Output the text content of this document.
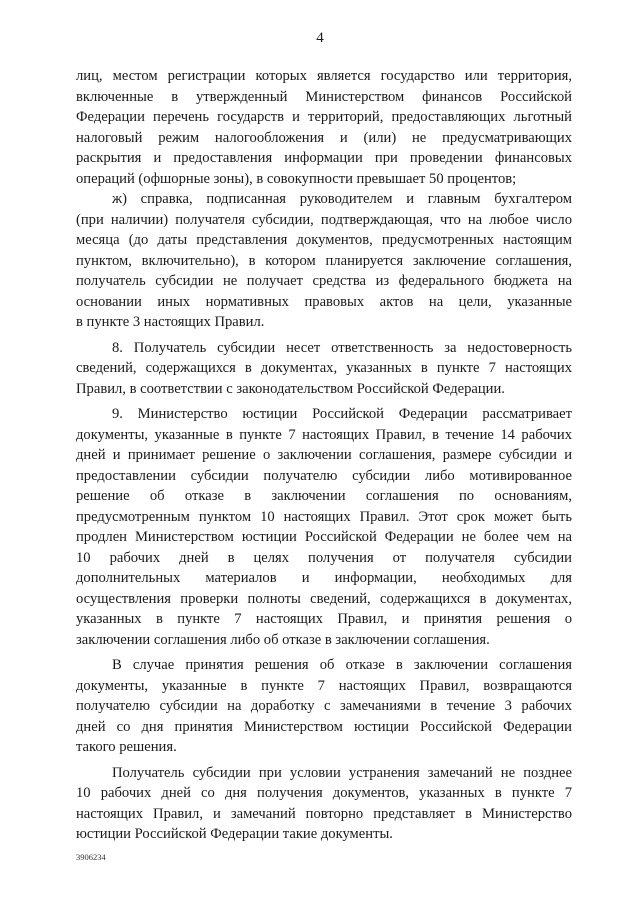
4
лиц, местом регистрации которых является государство или территория,
включенные в утвержденный Министерством финансов Российской
Федерации перечень государств и территорий, предоставляющих льготный
налоговый режим налогообложения и (или) не предусматривающих
раскрытия и предоставления информации при проведении финансовых
операций (офшорные зоны), в совокупности превышает 50 процентов;
ж) справка, подписанная руководителем и главным бухгалтером
(при наличии) получателя субсидии, подтверждающая, что на любое число
месяца (до даты представления документов, предусмотренных настоящим
пунктом, включительно), в котором планируется заключение соглашения,
получатель субсидии не получает средства из федерального бюджета на
основании иных нормативных правовых актов на цели, указанные
в пункте 3 настоящих Правил.
8. Получатель субсидии несет ответственность за недостоверность
сведений, содержащихся в документах, указанных в пункте 7 настоящих
Правил, в соответствии с законодательством Российской Федерации.
9. Министерство юстиции Российской Федерации рассматривает
документы, указанные в пункте 7 настоящих Правил, в течение 14 рабочих
дней и принимает решение о заключении соглашения, размере субсидии и
предоставлении субсидии получателю субсидии либо мотивированное
решение об отказе в заключении соглашения по основаниям,
предусмотренным пунктом 10 настоящих Правил. Этот срок может быть
продлен Министерством юстиции Российской Федерации не более чем на
10 рабочих дней в целях получения от получателя субсидии
дополнительных материалов и информации, необходимых для
осуществления проверки полноты сведений, содержащихся в документах,
указанных в пункте 7 настоящих Правил, и принятия решения о
заключении соглашения либо об отказе в заключении соглашения.
В случае принятия решения об отказе в заключении соглашения
документы, указанные в пункте 7 настоящих Правил, возвращаются
получателю субсидии на доработку с замечаниями в течение 3 рабочих
дней со дня принятия Министерством юстиции Российской Федерации
такого решения.
Получатель субсидии при условии устранения замечаний не позднее
10 рабочих дней со дня получения документов, указанных в пункте 7
настоящих Правил, и замечаний повторно представляет в Министерство
юстиции Российской Федерации такие документы.
3906234
